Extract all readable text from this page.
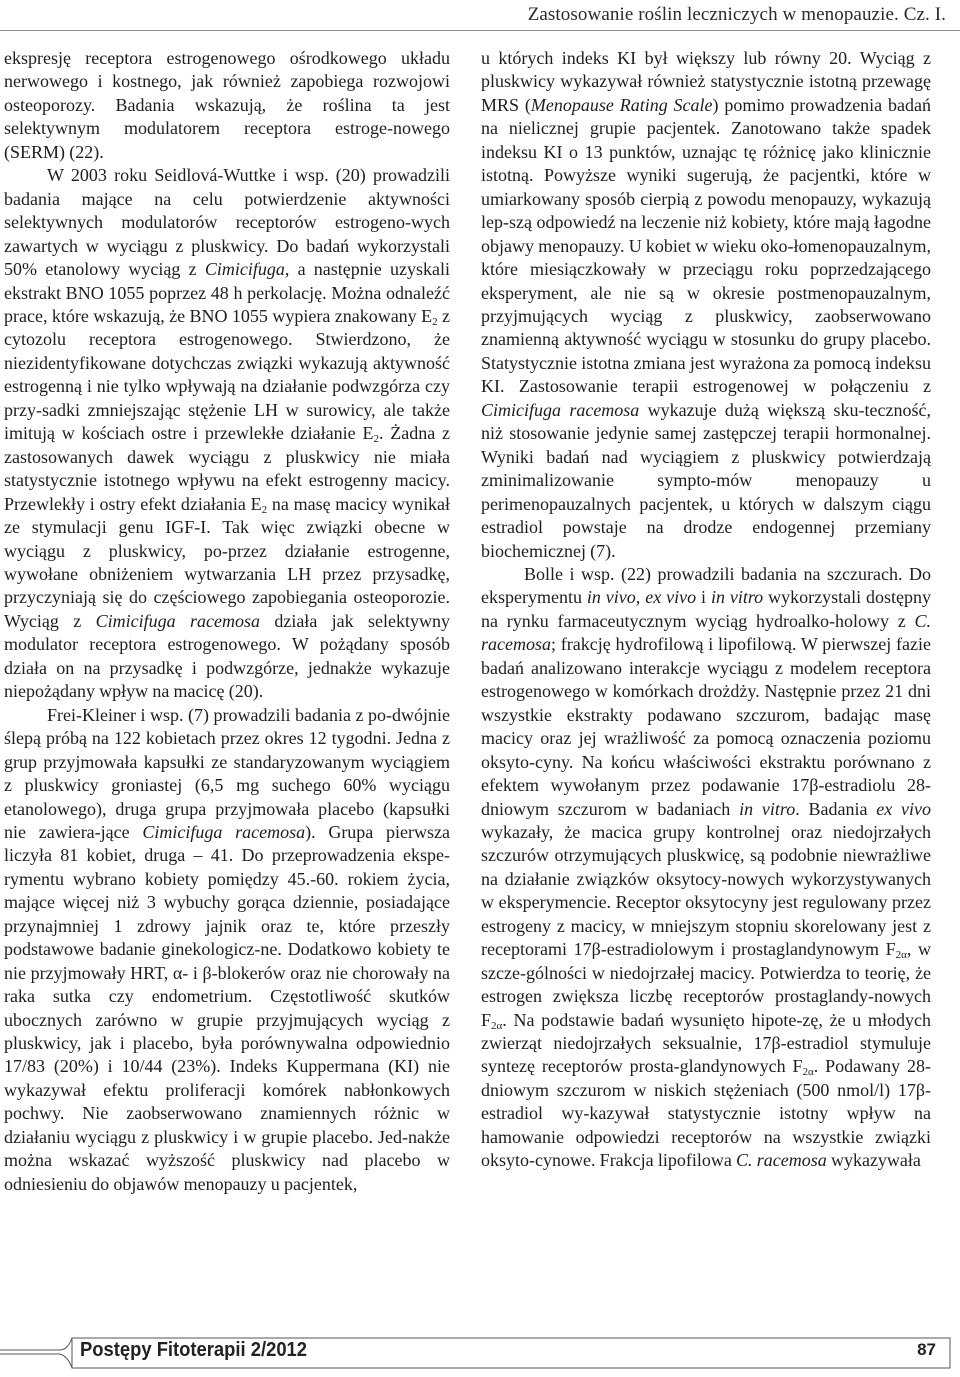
Zastosowanie roślin leczniczych w menopauzie. Cz. I.

ekspresję receptora estrogenowego ośrodkowego układu nerwowego i kostnego, jak również zapobiega rozwojowi osteoporozy. Badania wskazują, że roślina ta jest selektywnym modulatorem receptora estroge-nowego (SERM) (22).

W 2003 roku Seidlová-Wuttke i wsp. (20) prowadzili badania mające na celu potwierdzenie aktywności selektywnych modulatorów receptorów estrogeno-wych zawartych w wyciągu z pluskwicy. Do badań wykorzystali 50% etanolowy wyciąg z Cimicifuga, a następnie uzyskali ekstrakt BNO 1055 poprzez 48 h perkolację. Można odnaleźć prace, które wskazują, że BNO 1055 wypiera znakowany $E_2$ z cytozolu receptora estrogenowego. Stwierdzono, że niezidentyfikowane dotychczas związki wykazują aktywność estrogenną i nie tylko wpływają na działanie podwzgórza czy przy-sadki zmniejszając stężenie LH w surowicy, ale także imitują w kościach ostre i przewlekłe działanie $E_2$. Żadna z zastosowanych dawek wyciągu z pluskwicy nie miała statystycznie istotnego wpływu na efekt estrogenny macicy. Przewlekły i ostry efekt działania $E_2$ na masę macicy wynikał ze stymulacji genu IGF-I. Tak więc związki obecne w wyciągu z pluskwicy, po-przez działanie estrogenne, wywołane obniżeniem wytwarzania LH przez przysadkę, przyczyniają się do częściowego zapobiegania osteoporozie. Wyciąg z Cimicifuga racemosa działa jak selektywny modulator receptora estrogenowego. W pożądany sposób działa on na przysadkę i podwzgórze, jednakże wykazuje niepożądany wpływ na macicę (20).

Frei-Kleiner i wsp. (7) prowadzili badania z po-dwójnie ślepą próbą na 122 kobietach przez okres 12 tygodni. Jedna z grup przyjmowała kapsułki ze standaryzowanym wyciągiem z pluskwicy groniastej (6,5 mg suchego 60% wyciągu etanolowego), druga grupa przyjmowała placebo (kapsułki nie zawiera-jące Cimicifuga racemosa). Grupa pierwsza liczyła 81 kobiet, druga – 41. Do przeprowadzenia ekspe-rymentu wybrano kobiety pomiędzy 45.-60. rokiem życia, mające więcej niż 3 wybuchy gorąca dziennie, posiadające przynajmniej 1 zdrowy jajnik oraz te, które przeszły podstawowe badanie ginekologicz-ne. Dodatkowo kobiety te nie przyjmowały HRT, α- i β-blokerów oraz nie chorowały na raka sutka czy endometrium. Częstotliwość skutków ubocznych zarówno w grupie przyjmujących wyciąg z pluskwicy, jak i placebo, była porównywalna odpowiednio 17/83 (20%) i 10/44 (23%). Indeks Kuppermana (KI) nie wykazywał efektu proliferacji komórek nabłonkowych pochwy. Nie zaobserwowano znamiennych różnic w działaniu wyciągu z pluskwicy i w grupie placebo. Jed-nakże można wskazać wyższość pluskwicy nad placebo w odniesieniu do objawów menopauzy u pacjentek,

u których indeks KI był większy lub równy 20. Wyciąg z pluskwicy wykazywał również statystycznie istotną przewagę MRS (Menopause Rating Scale) pomimo prowadzenia badań na nielicznej grupie pacjentek. Zanotowano także spadek indeksu KI o 13 punktów, uznając tę różnicę jako klinicznie istotną. Powyższe wyniki sugerują, że pacjentki, które w umiarkowany sposób cierpią z powodu menopauzy, wykazują lep-szą odpowiedź na leczenie niż kobiety, które mają łagodne objawy menopauzy. U kobiet w wieku oko-łomenopauzalnym, które miesiączkowały w przeciągu roku poprzedzającego eksperyment, ale nie są w okresie postmenopauzalnym, przyjmujących wyciąg z pluskwicy, zaobserwowano znamienną aktywność wyciągu w stosunku do grupy placebo. Statystycznie istotna zmiana jest wyrażona za pomocą indeksu KI. Zastosowanie terapii estrogenowej w połączeniu z Cimicifuga racemosa wykazuje dużą większą sku-teczność, niż stosowanie jedynie samej zastępczej terapii hormonalnej. Wyniki badań nad wyciągiem z pluskwicy potwierdzają zminimalizowanie sympto-mów menopauzy u perimenopauzalnych pacjentek, u których w dalszym ciągu estradiol powstaje na drodze endogennej przemiany biochemicznej (7).

Bolle i wsp. (22) prowadzili badania na szczurach. Do eksperymentu in vivo, ex vivo i in vitro wykorzystali dostępny na rynku farmaceutycznym wyciąg hydroalko-holowy z C. racemosa; frakcję hydrofilową i lipofilową. W pierwszej fazie badań analizowano interakcje wyciągu z modelem receptora estrogenowego w komórkach drożdży. Następnie przez 21 dni wszystkie ekstrakty podawano szczurom, badając masę macicy oraz jej wrażliwość za pomocą oznaczenia poziomu oksyto-cyny. Na końcu właściwości ekstraktu porównano z efektem wywołanym przez podawanie 17β-estradiolu 28-dniowym szczurom w badaniach in vitro. Badania ex vivo wykazały, że macica grupy kontrolnej oraz niedojrzałych szczurów otrzymujących pluskwicę, są podobnie niewrażliwe na działanie związków oksytocy-nowych wykorzystywanych w eksperymencie. Receptor oksytocyny jest regulowany przez estrogeny z macicy, w mniejszym stopniu skorelowany jest z receptorami 17β-estradiolowym i prostaglandynowym $F_{2\alpha}$, w szcze-gólności w niedojrzałej macicy. Potwierdza to teorię, że estrogen zwiększa liczbę receptorów prostaglandy-nowych $F_{2\alpha}$. Na podstawie badań wysunięto hipote-zę, że u młodych zwierząt niedojrzałych seksualnie, 17β-estradiol stymuluje syntezę receptorów prosta-glandynowych $F_{2\alpha}$. Podawany 28-dniowym szczurom w niskich stężeniach (500 nmol/l) 17β-estradiol wy-kazywał statystycznie istotny wpływ na hamowanie odpowiedzi receptorów na wszystkie związki oksyto-cynowe. Frakcja lipofilowa C. racemosa wykazywała

Postępy Fitoterapii 2/2012	87
